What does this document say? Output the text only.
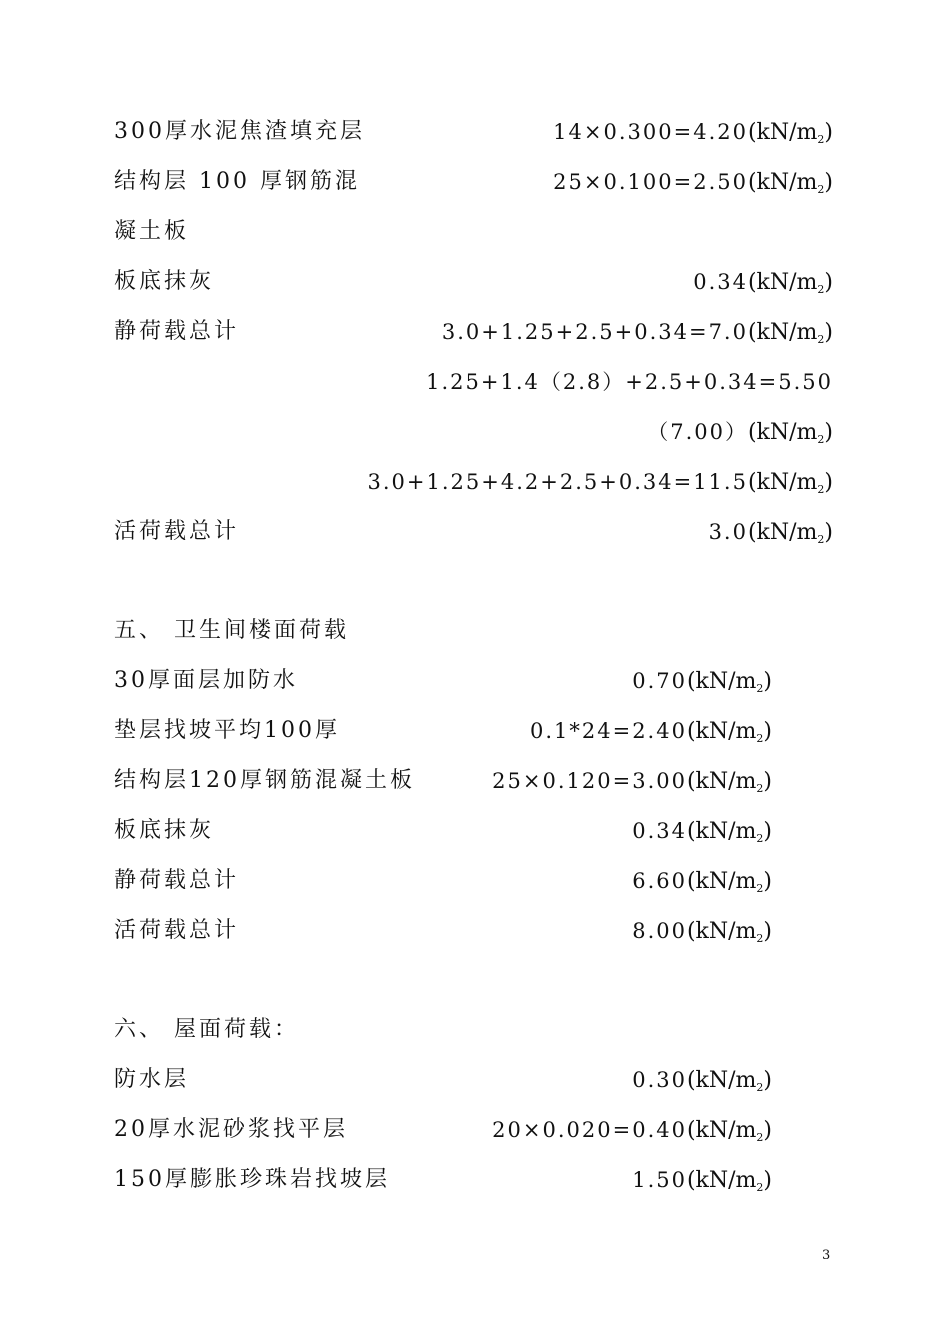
300厚水泥焦渣填充层	14×0.300=4.20(kN/m2)
结构层 100 厚钢筋混	25×0.100=2.50(kN/m2)
凝土板
板底抹灰	0.34(kN/m2)
静荷载总计	3.0+1.25+2.5+0.34=7.0(kN/m2)
1.25+1.4（2.8）+2.5+0.34=5.50
（7.00）(kN/m2)
3.0+1.25+4.2+2.5+0.34=11.5(kN/m2)
活荷载总计	3.0(kN/m2)
五、 卫生间楼面荷载
30厚面层加防水	0.70(kN/m2)
垫层找坡平均100厚	0.1*24=2.40(kN/m2)
结构层120厚钢筋混凝土板	25×0.120=3.00(kN/m2)
板底抹灰	0.34(kN/m2)
静荷载总计	6.60(kN/m2)
活荷载总计	8.00(kN/m2)
六、 屋面荷载：
防水层	0.30(kN/m2)
20厚水泥砂浆找平层	20×0.020=0.40(kN/m2)
150厚膨胀珍珠岩找坡层	1.50(kN/m2)
3
